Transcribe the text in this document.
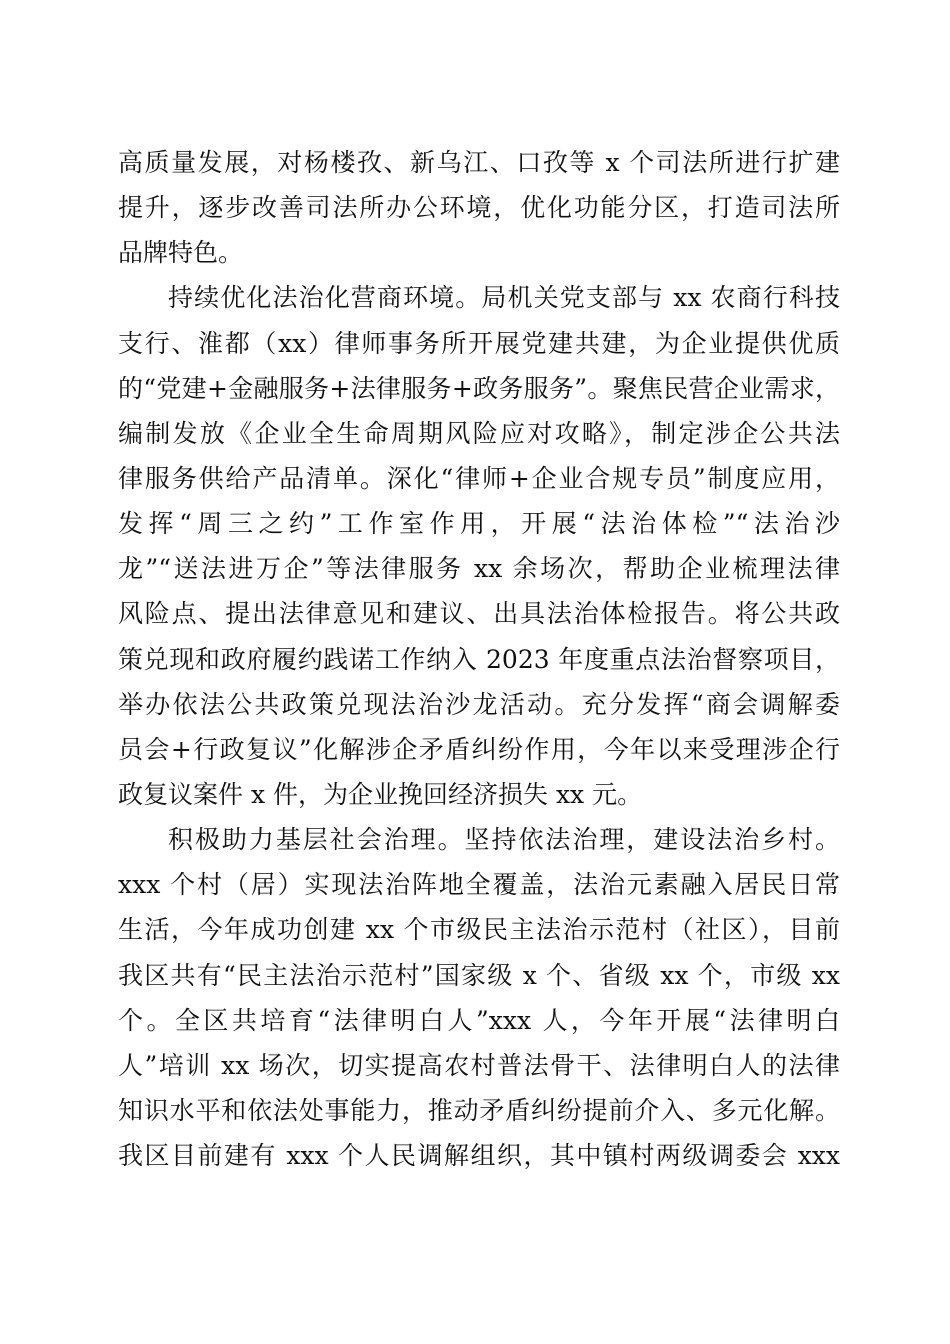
高质量发展，对杨楼孜、新乌江、口孜等 x 个司法所进行扩建
提升，逐步改善司法所办公环境，优化功能分区，打造司法所
品牌特色。
持续优化法治化营商环境。局机关党支部与 xx 农商行科技
支行、淮都（xx）律师事务所开展党建共建，为企业提供优质
的“党建+金融服务+法律服务+政务服务”。聚焦民营企业需求，
编制发放《企业全生命周期风险应对攻略》，制定涉企公共法
律服务供给产品清单。深化“律师+企业合规专员”制度应用，
发挥“周三之约”工作室作用，开展“法治体检”“法治沙
龙”“送法进万企”等法律服务 xx 余场次，帮助企业梳理法律
风险点、提出法律意见和建议、出具法治体检报告。将公共政
策兑现和政府履约践诺工作纳入 2023 年度重点法治督察项目，
举办依法公共政策兑现法治沙龙活动。充分发挥“商会调解委
员会+行政复议”化解涉企矛盾纠纷作用，今年以来受理涉企行
政复议案件 x 件，为企业挽回经济损失 xx 元。
积极助力基层社会治理。坚持依法治理，建设法治乡村。
xxx 个村（居）实现法治阵地全覆盖，法治元素融入居民日常
生活，今年成功创建 xx 个市级民主法治示范村（社区），目前
我区共有“民主法治示范村”国家级 x 个、省级 xx 个，市级 xx
个。全区共培育“法律明白人”xxx 人，今年开展“法律明白
人”培训 xx 场次，切实提高农村普法骨干、法律明白人的法律
知识水平和依法处事能力，推动矛盾纠纷提前介入、多元化解。
我区目前建有 xxx 个人民调解组织，其中镇村两级调委会 xxx
